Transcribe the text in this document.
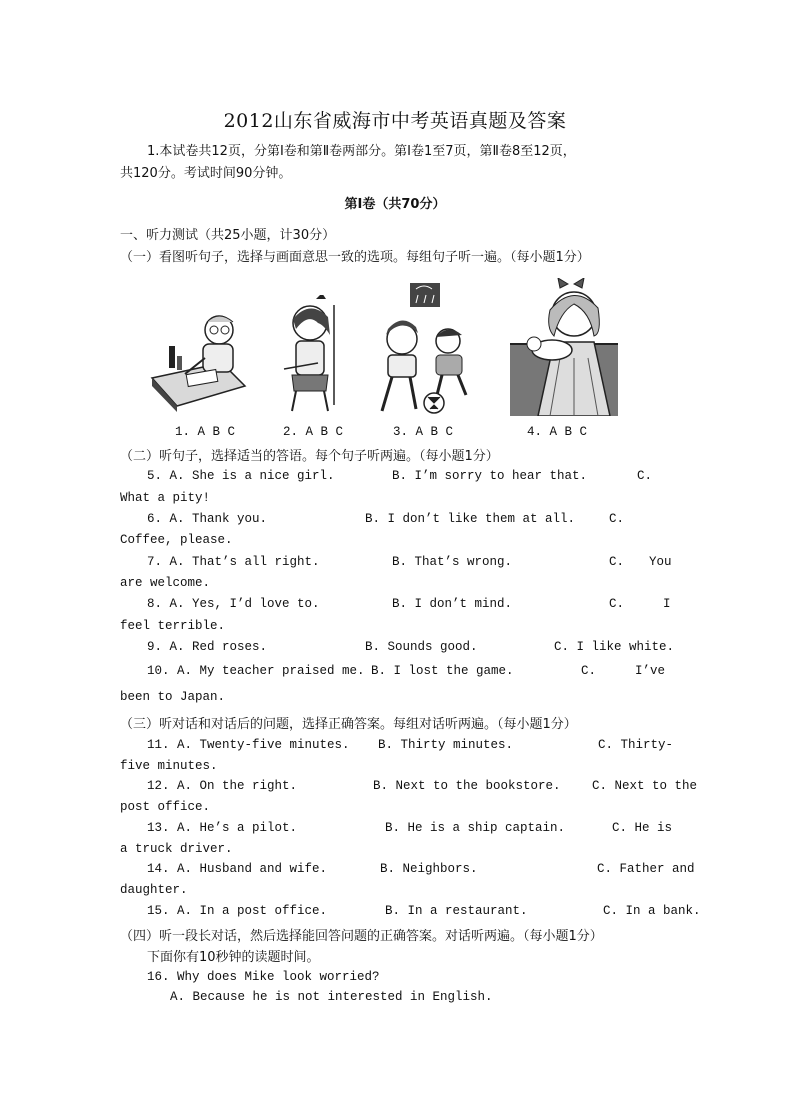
2012山东省威海市中考英语真题及答案
1.本试卷共12页，分第Ⅰ卷和第Ⅱ卷两部分。第Ⅰ卷1至7页，第Ⅱ卷8至12页，
共120分。考试时间90分钟。
第Ⅰ卷（共70分）
一、听力测试（共25小题，计30分）
（一）看图听句子，选择与画面意思一致的选项。每组句子听一遍。（每小题1分）
1. A B C	2. A B C	3. A B C	4. A B C
（二）听句子，选择适当的答语。每个句子听两遍。（每小题1分）
5. A. She is a nice girl.	B. I’m sorry to hear that.	C.
What a pity!
6. A. Thank you.	B. I don’t like them at all.	C.
Coffee, please.
7. A. That’s all right.	B. That’s wrong.	C. You
are welcome.
8. A. Yes, I’d love to.	B. I don’t mind.	C.	I
feel terrible.
9. A. Red roses.	B. Sounds good.	C. I like white.
10. A. My teacher praised me. B. I lost the game.	C.	I’ve
been to Japan.
（三）听对话和对话后的问题，选择正确答案。每组对话听两遍。（每小题1分）
11. A. Twenty-five minutes. B. Thirty minutes.	C. Thirty-
five minutes.
12. A. On the right.	B. Next to the bookstore.	C. Next to the
post office.
13. A. He’s a pilot.	B. He is a ship captain.	C. He is
a truck driver.
14. A. Husband and wife.	B. Neighbors.	C. Father and
daughter.
15. A. In a post office.	B. In a restaurant.	C. In a bank.
（四）听一段长对话，然后选择能回答问题的正确答案。对话听两遍。（每小题1分）
下面你有10秒钟的读题时间。
16. Why does Mike look worried?
A. Because he is not interested in English.
